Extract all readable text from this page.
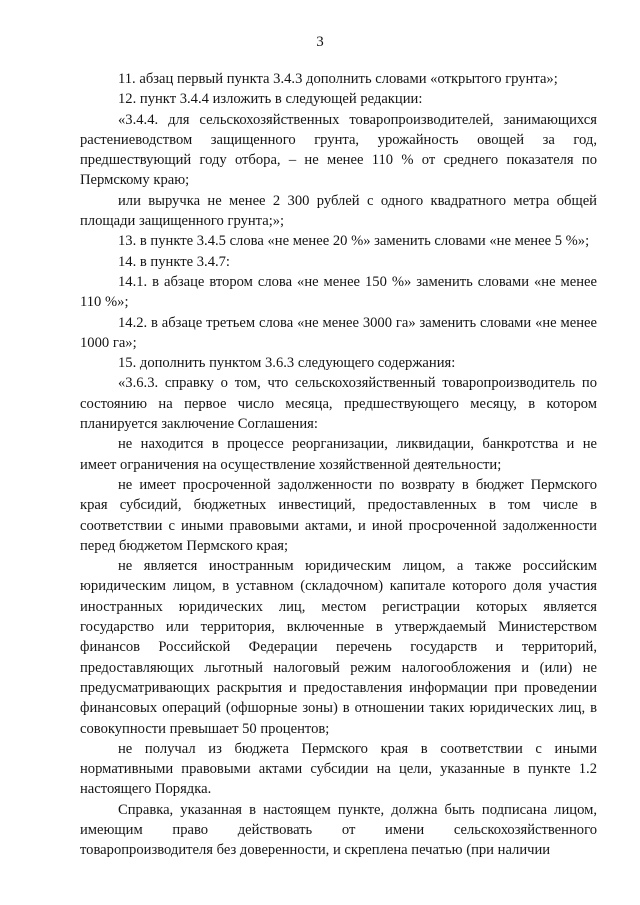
3

11. абзац первый пункта 3.4.3 дополнить словами «открытого грунта»;

12. пункт 3.4.4 изложить в следующей редакции:

«3.4.4. для сельскохозяйственных товаропроизводителей, занимающихся растениеводством защищенного грунта, урожайность овощей за год, предшествующий году отбора, – не менее 110 % от среднего показателя по Пермскому краю;

или выручка не менее 2 300 рублей с одного квадратного метра общей площади защищенного грунта;»;

13. в пункте 3.4.5 слова «не менее 20 %» заменить словами «не менее 5 %»;

14. в пункте 3.4.7:

14.1. в абзаце втором слова «не менее 150 %» заменить словами «не менее 110 %»;

14.2. в абзаце третьем слова «не менее 3000 га» заменить словами «не менее 1000 га»;

15. дополнить пунктом 3.6.3 следующего содержания:

«3.6.3. справку о том, что сельскохозяйственный товаропроизводитель по состоянию на первое число месяца, предшествующего месяцу, в котором планируется заключение Соглашения:

не находится в процессе реорганизации, ликвидации, банкротства и не имеет ограничения на осуществление хозяйственной деятельности;

не имеет просроченной задолженности по возврату в бюджет Пермского края субсидий, бюджетных инвестиций, предоставленных в том числе в соответствии с иными правовыми актами, и иной просроченной задолженности перед бюджетом Пермского края;

не является иностранным юридическим лицом, а также российским юридическим лицом, в уставном (складочном) капитале которого доля участия иностранных юридических лиц, местом регистрации которых является государство или территория, включенные в утверждаемый Министерством финансов Российской Федерации перечень государств и территорий, предоставляющих льготный налоговый режим налогообложения и (или) не предусматривающих раскрытия и предоставления информации при проведении финансовых операций (офшорные зоны) в отношении таких юридических лиц, в совокупности превышает 50 процентов;

не получал из бюджета Пермского края в соответствии с иными нормативными правовыми актами субсидии на цели, указанные в пункте 1.2 настоящего Порядка.

Справка, указанная в настоящем пункте, должна быть подписана лицом, имеющим право действовать от имени сельскохозяйственного товаропроизводителя без доверенности, и скреплена печатью (при наличии
